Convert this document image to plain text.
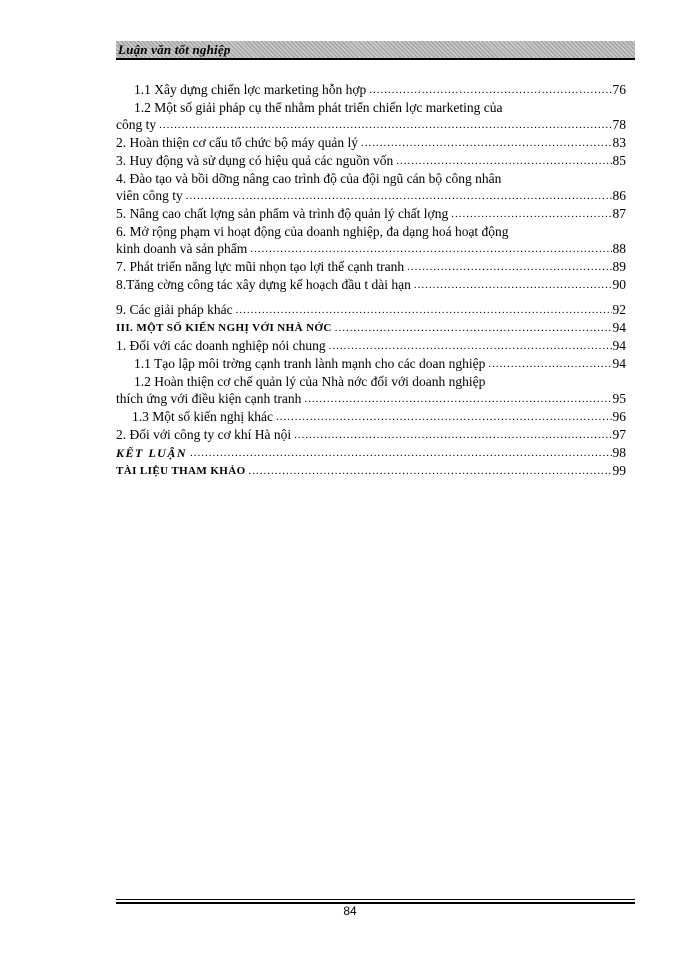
Luận văn tốt nghiệp
1.1 Xây dựng chiến lợc marketing hỗn hợp .....	76
1.2 Một số giải pháp cụ thể nhằm phát triển chiến lợc marketing của
công ty .....	78
2. Hoàn thiện cơ cấu tổ chức bộ máy quản lý .....	83
3. Huy động và sử dụng có hiệu quả các nguồn vốn .....	85
4. Đào tạo và bồi dỡng nâng cao trình độ của đội ngũ cán bộ công nhân
viên công ty .....	86
5. Nâng cao chất lợng sản phẩm và trình độ quản lý chất lợng .....	87
6. Mở rộng phạm vi hoạt động của doanh nghiệp, đa dạng hoá hoạt động
kinh doanh và sản phẩm .....	88
7. Phát triển năng lực mũi nhọn tạo lợi thế cạnh tranh .....	89
8.Tăng cờng công tác xây dựng kế hoạch đầu t dài hạn .....	90
9. Các giải pháp khác .....	92
III. MỘT SỐ KIẾN NGHỊ VỚI NHÀ NỚC .....	94
1. Đối với các doanh nghiệp nói chung .....	94
1.1 Tạo lập môi trờng cạnh tranh lành mạnh cho các doan nghiệp .....	94
1.2 Hoàn thiện cơ chế quản lý của Nhà nớc đối với doanh nghiệp
thích ứng với điều kiện cạnh tranh .....	95
1.3 Một số kiến nghị khác .....	96
2. Đối với công ty cơ khí Hà nội .....	97
KẾT LUẬN .....	98
TÀI LIỆU THAM KHẢO .....	99
84
